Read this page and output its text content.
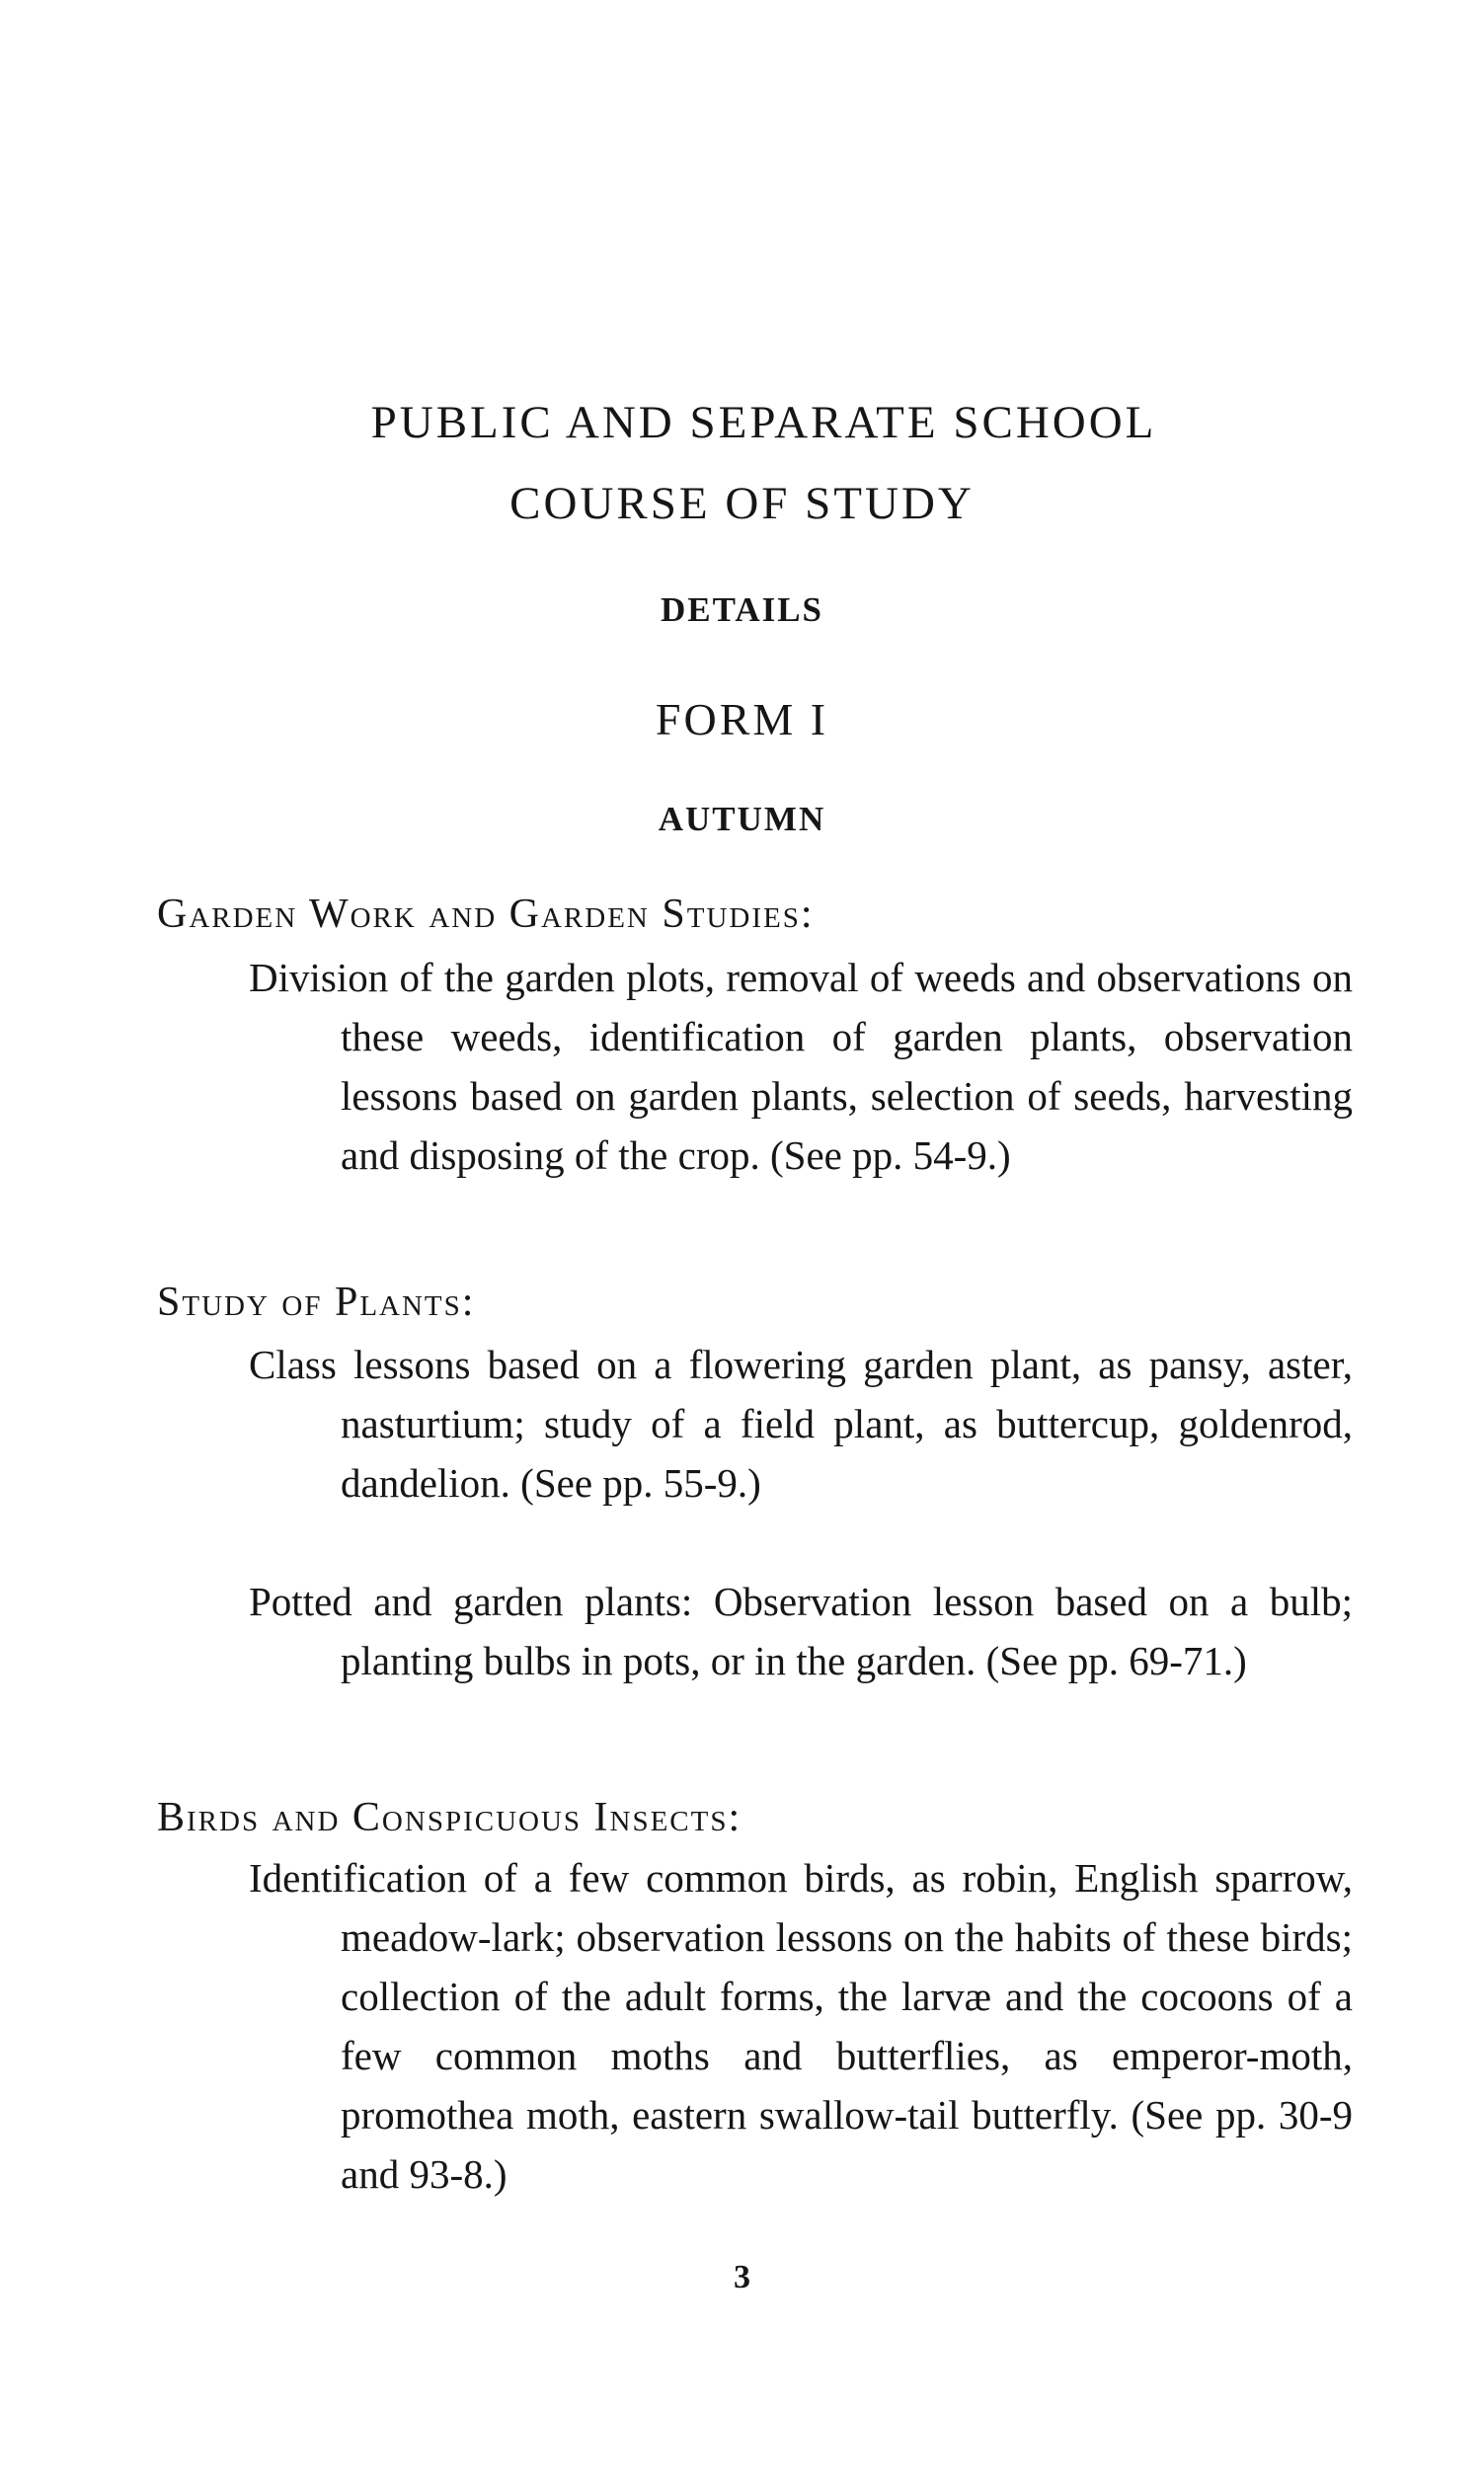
PUBLIC AND SEPARATE SCHOOL
COURSE OF STUDY
DETAILS
FORM I
AUTUMN
Garden Work and Garden Studies:
Division of the garden plots, removal of weeds and observations on these weeds, identification of garden plants, observation lessons based on garden plants, selection of seeds, harvesting and disposing of the crop. (See pp. 54-9.)
Study of Plants:
Class lessons based on a flowering garden plant, as pansy, aster, nasturtium; study of a field plant, as buttercup, goldenrod, dandelion. (See pp. 55-9.)
Potted and garden plants: Observation lesson based on a bulb; planting bulbs in pots, or in the garden. (See pp. 69-71.)
Birds and Conspicuous Insects:
Identification of a few common birds, as robin, English sparrow, meadow-lark; observation lessons on the habits of these birds; collection of the adult forms, the larvæ and the cocoons of a few common moths and butterflies, as emperor-moth, promothea moth, eastern swallow-tail butterfly. (See pp. 30-9 and 93-8.)
3
